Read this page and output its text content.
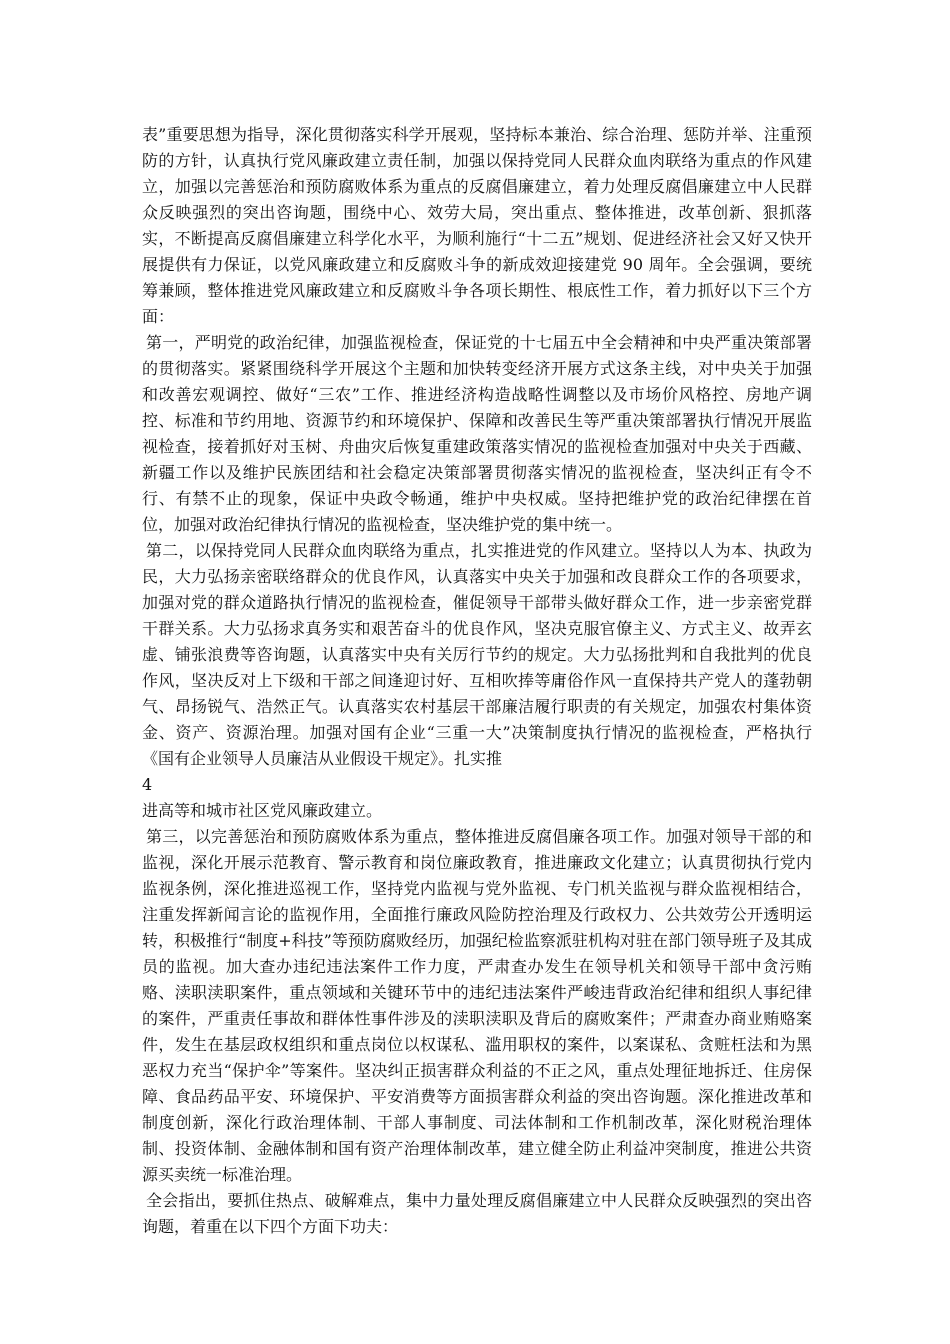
表”重要思想为指导，深化贯彻落实科学开展观，坚持标本兼治、综合治理、惩防并举、注重预防的方针，认真执行党风廉政建立责任制，加强以保持党同人民群众血肉联络为重点的作风建立，加强以完善惩治和预防腐败体系为重点的反腐倡廉建立，着力处理反腐倡廉建立中人民群众反映强烈的突出咨询题，围绕中心、效劳大局，突出重点、整体推进，改革创新、狠抓落实，不断提高反腐倡廉建立科学化水平，为顺利施行“十二五”规划、促进经济社会又好又快开展提供有力保证，以党风廉政建立和反腐败斗争的新成效迎接建党 90 周年。全会强调，要统筹兼顾，整体推进党风廉政建立和反腐败斗争各项长期性、根底性工作，着力抓好以下三个方面：

第一，严明党的政治纪律，加强监视检查，保证党的十七届五中全会精神和中央严重决策部署的贯彻落实。紧紧围绕科学开展这个主题和加快转变经济开展方式这条主线，对中央关于加强和改善宏观调控、做好“三农”工作、推进经济构造战略性调整以及市场价风格控、房地产调控、标准和节约用地、资源节约和环境保护、保障和改善民生等严重决策部署执行情况开展监视检查，接着抓好对玉树、舟曲灾后恢复重建政策落实情况的监视检查加强对中央关于西藏、新疆工作以及维护民族团结和社会稳定决策部署贯彻落实情况的监视检查，坚决纠正有令不行、有禁不止的现象，保证中央政令畅通，维护中央权威。坚持把维护党的政治纪律摆在首位，加强对政治纪律执行情况的监视检查，坚决维护党的集中统一。

第二，以保持党同人民群众血肉联络为重点，扎实推进党的作风建立。坚持以人为本、执政为民，大力弘扬亲密联络群众的优良作风，认真落实中央关于加强和改良群众工作的各项要求，加强对党的群众道路执行情况的监视检查，催促领导干部带头做好群众工作，进一步亲密党群干群关系。大力弘扬求真务实和艰苦奋斗的优良作风，坚决克服官僚主义、方式主义、故弄玄虚、铺张浪费等咨询题，认真落实中央有关厉行节约的规定。大力弘扬批判和自我批判的优良作风，坚决反对上下级和干部之间逢迎讨好、互相吹捧等庸俗作风一直保持共产党人的蓬勃朝气、昂扬锐气、浩然正气。认真落实农村基层干部廉洁履行职责的有关规定，加强农村集体资金、资产、资源治理。加强对国有企业“三重一大”决策制度执行情况的监视检查，严格执行《国有企业领导人员廉洁从业假设干规定》。扎实推

4

进高等和城市社区党风廉政建立。

第三，以完善惩治和预防腐败体系为重点，整体推进反腐倡廉各项工作。加强对领导干部的和监视，深化开展示范教育、警示教育和岗位廉政教育，推进廉政文化建立；认真贯彻执行党内监视条例，深化推进巡视工作，坚持党内监视与党外监视、专门机关监视与群众监视相结合，注重发挥新闻言论的监视作用，全面推行廉政风险防控治理及行政权力、公共效劳公开透明运转，积极推行“制度+科技”等预防腐败经历，加强纪检监察派驻机构对驻在部门领导班子及其成员的监视。加大查办违纪违法案件工作力度，严肃查办发生在领导机关和领导干部中贪污贿赂、渎职渎职案件，重点领域和关键环节中的违纪违法案件严峻违背政治纪律和组织人事纪律的案件，严重责任事故和群体性事件涉及的渎职渎职及背后的腐败案件；严肃查办商业贿赂案件，发生在基层政权组织和重点岗位以权谋私、滥用职权的案件，以案谋私、贪赃枉法和为黑恶权力充当“保护伞”等案件。坚决纠正损害群众利益的不正之风，重点处理征地拆迁、住房保障、食品药品平安、环境保护、平安消费等方面损害群众利益的突出咨询题。深化推进改革和制度创新，深化行政治理体制、干部人事制度、司法体制和工作机制改革，深化财税治理体制、投资体制、金融体制和国有资产治理体制改革，建立健全防止利益冲突制度，推进公共资源买卖统一标准治理。

全会指出，要抓住热点、破解难点，集中力量处理反腐倡廉建立中人民群众反映强烈的突出咨询题，着重在以下四个方面下功夫：
